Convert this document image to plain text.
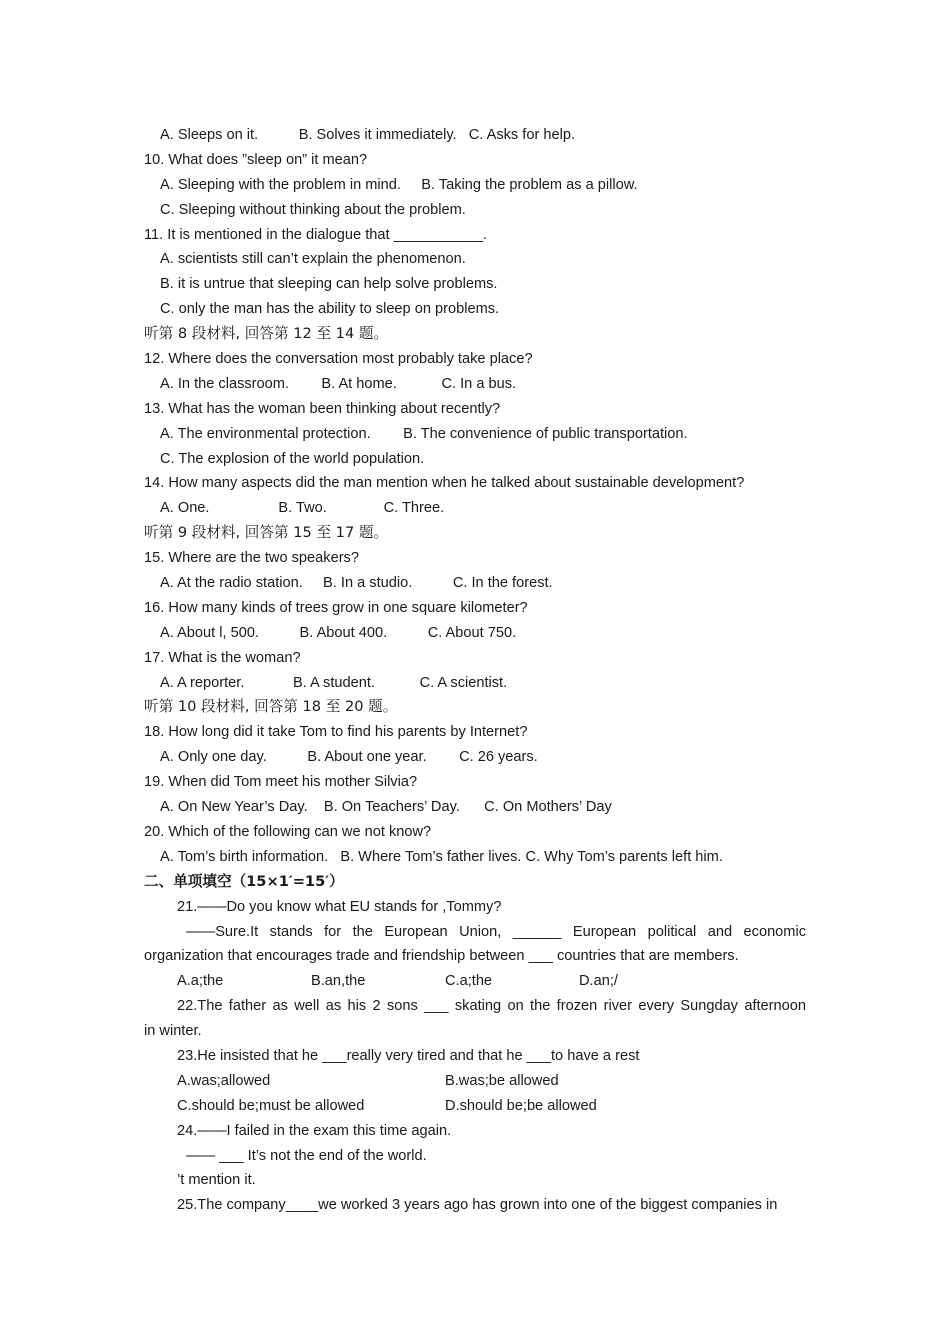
A. Sleeps on it.          B. Solves it immediately.   C. Asks for help.
10. What does ”sleep on” it mean?
A. Sleeping with the problem in mind.     B. Taking the problem as a pillow.
C. Sleeping without thinking about the problem.
11. It is mentioned in the dialogue that ___________.
A. scientists still can’t explain the phenomenon.
B. it is untrue that sleeping can help solve problems.
C. only the man has the ability to sleep on problems.
听第 8 段材料, 回答第 12 至 14 题。
12. Where does the conversation most probably take place?
A. In the classroom.        B. At home.           C. In a bus.
13. What has the woman been thinking about recently?
A. The environmental protection.        B. The convenience of public transportation.
C. The explosion of the world population.
14. How many aspects did the man mention when he talked about sustainable development?
A. One.                 B. Two.              C. Three.
听第 9 段材料, 回答第 15 至 17 题。
15. Where are the two speakers?
A. At the radio station.     B. In a studio.          C. In the forest.
16. How many kinds of trees grow in one square kilometer?
A. About l, 500.          B. About 400.          C. About 750.
17. What is the woman?
A. A reporter.            B. A student.           C. A scientist.
听第 10 段材料, 回答第 18 至 20 题。
18. How long did it take Tom to find his parents by Internet?
A. Only one day.          B. About one year.        C. 26 years.
19. When did Tom meet his mother Silvia?
A. On New Year’s Day.    B. On Teachers’ Day.      C. On Mothers’ Day
20. Which of the following can we not know?
A. Tom’s birth information.   B. Where Tom’s father lives. C. Why Tom’s parents left him.
二、单项填空（15×1′=15′）
21.——Do you know what EU stands for ,Tommy?
——Sure.It stands for the European Union, ______ European political and economic
organization that encourages trade and friendship between ___ countries that are members.
A.a;the	B.an,the	C.a;the	D.an;/
22.The father as well as his 2 sons ___ skating on the frozen river every Sungday afternoon
in winter.
23.He insisted that he ___really very tired and that he ___to have a rest
A.was;allowed	B.was;be allowed
C.should be;must be allowed	D.should be;be allowed
24.——I failed in the exam this time again.
—— ___ It’s not the end of the world.
’t mention it.
25.The company____we worked 3 years ago has grown into one of the biggest companies in
